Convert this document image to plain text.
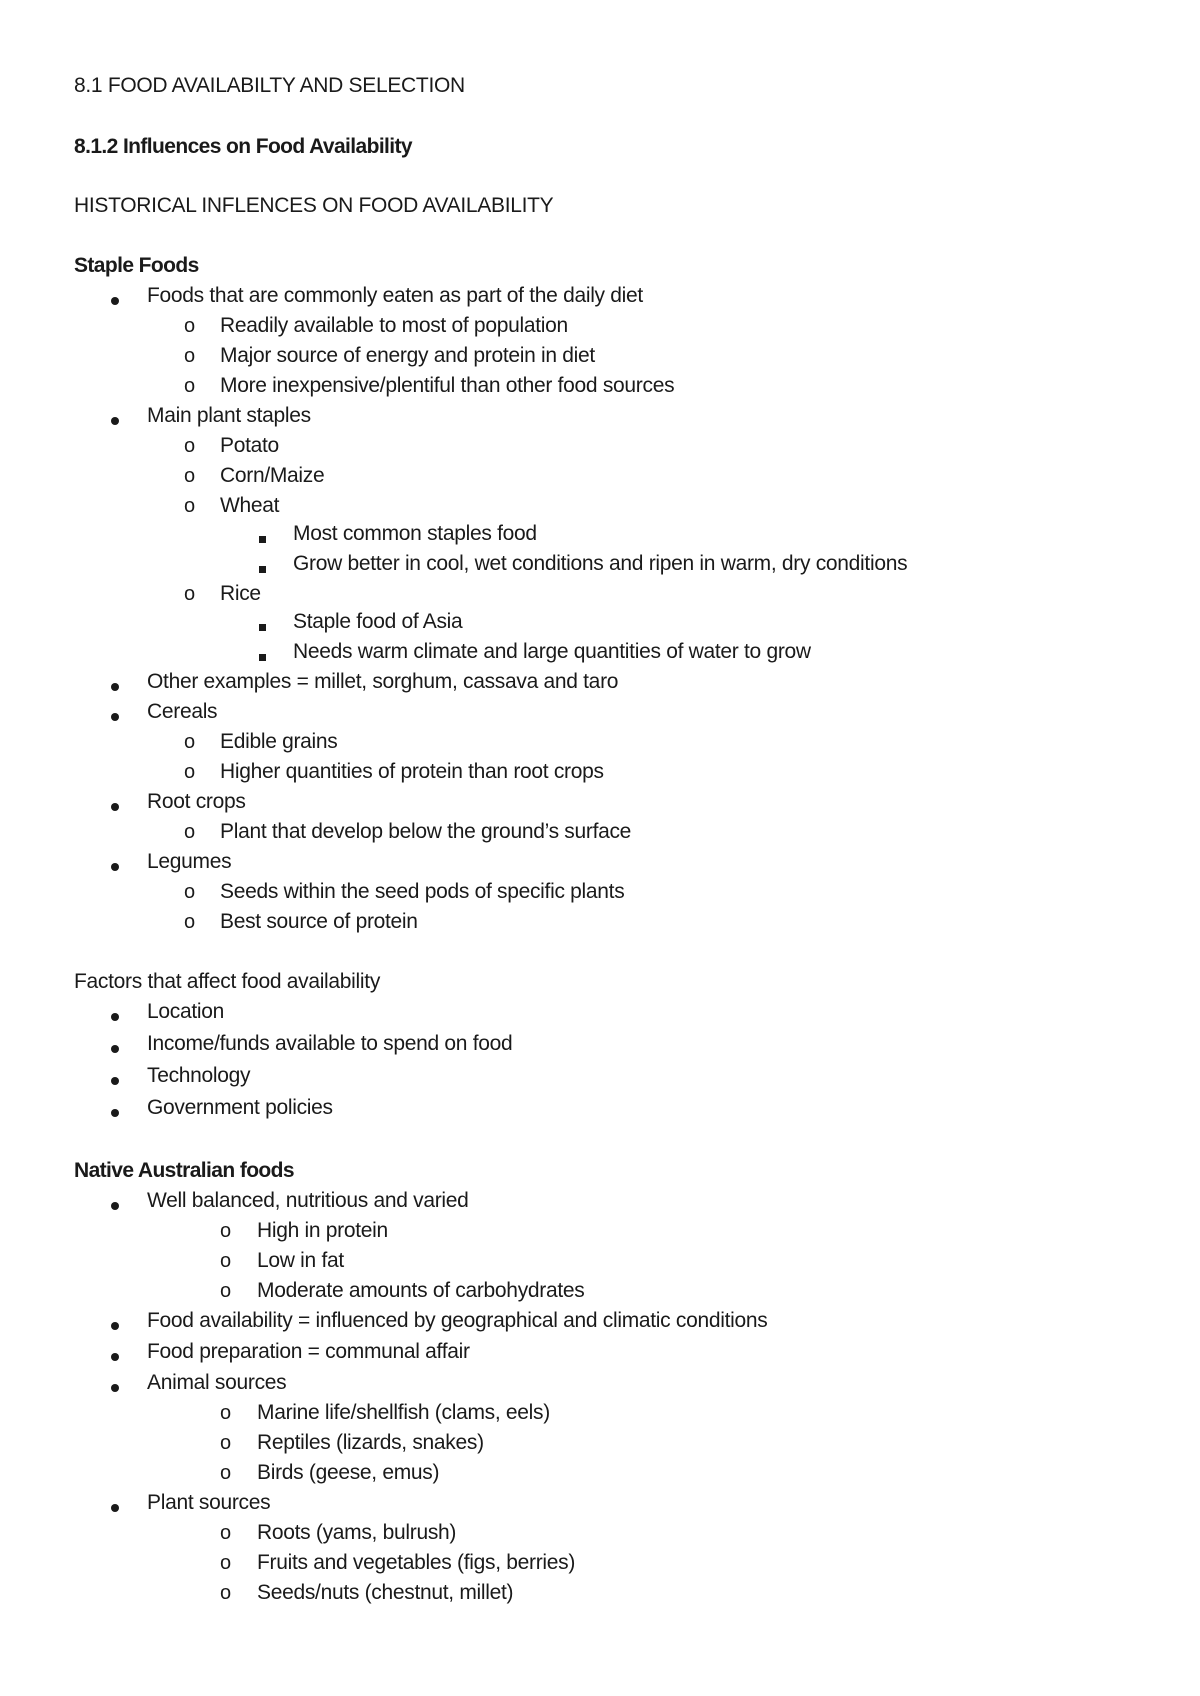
8.1 FOOD AVAILABILTY AND SELECTION
8.1.2 Influences on Food Availability
HISTORICAL INFLENCES ON FOOD AVAILABILITY
Staple Foods
Foods that are commonly eaten as part of the daily diet
o Readily available to most of population
o Major source of energy and protein in diet
o More inexpensive/plentiful than other food sources
Main plant staples
o Potato
o Corn/Maize
o Wheat
Most common staples food
Grow better in cool, wet conditions and ripen in warm, dry conditions
o Rice
Staple food of Asia
Needs warm climate and large quantities of water to grow
Other examples = millet, sorghum, cassava and taro
Cereals
o Edible grains
o Higher quantities of protein than root crops
Root crops
o Plant that develop below the ground’s surface
Legumes
o Seeds within the seed pods of specific plants
o Best source of protein
Factors that affect food availability
Location
Income/funds available to spend on food
Technology
Government policies
Native Australian foods
Well balanced, nutritious and varied
o High in protein
o Low in fat
o Moderate amounts of carbohydrates
Food availability = influenced by geographical and climatic conditions
Food preparation = communal affair
Animal sources
o Marine life/shellfish (clams, eels)
o Reptiles (lizards, snakes)
o Birds (geese, emus)
Plant sources
o Roots (yams, bulrush)
o Fruits and vegetables (figs, berries)
o Seeds/nuts (chestnut, millet)
